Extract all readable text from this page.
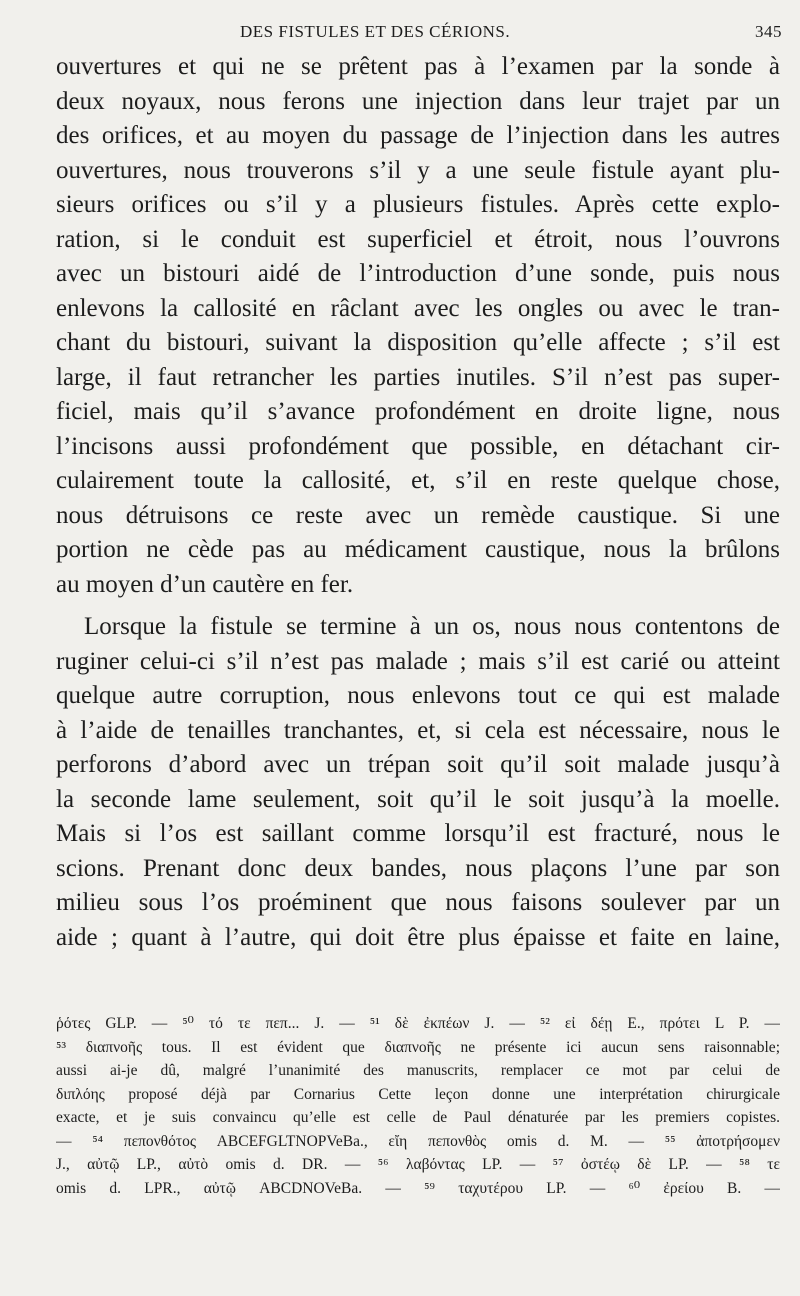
DES FISTULES ET DES CÉRIONS.	345
ouvertures et qui ne se prêtent pas à l’examen par la sonde à
deux noyaux, nous ferons une injection dans leur trajet par un
des orifices, et au moyen du passage de l’injection dans les autres
ouvertures, nous trouverons s’il y a une seule fistule ayant plu-
sieurs orifices ou s’il y a plusieurs fistules. Après cette explo-
ration, si le conduit est superficiel et étroit, nous l’ouvrons
avec un bistouri aidé de l’introduction d’une sonde, puis nous
enlevons la callosité en râclant avec les ongles ou avec le tran-
chant du bistouri, suivant la disposition qu’elle affecte ; s’il est
large, il faut retrancher les parties inutiles. S’il n’est pas super-
ficiel, mais qu’il s’avance profondément en droite ligne, nous
l’incisons aussi profondément que possible, en détachant cir-
culairement toute la callosité, et, s’il en reste quelque chose,
nous détruisons ce reste avec un remède caustique. Si une
portion ne cède pas au médicament caustique, nous la brûlons
au moyen d’un cautère en fer.
Lorsque la fistule se termine à un os, nous nous contentons de
ruginer celui-ci s’il n’est pas malade ; mais s’il est carié ou atteint
quelque autre corruption, nous enlevons tout ce qui est malade
à l’aide de tenailles tranchantes, et, si cela est nécessaire, nous le
perforons d’abord avec un trépan soit qu’il soit malade jusqu’à
la seconde lame seulement, soit qu’il le soit jusqu’à la moelle.
Mais si l’os est saillant comme lorsqu’il est fracturé, nous le
scions. Prenant donc deux bandes, nous plaçons l’une par son
milieu sous l’os proéminent que nous faisons soulever par un
aide ; quant à l’autre, qui doit être plus épaisse et faite en laine,
ῥότες GLP. — ⁵⁰ τό τε πεπ... J. — ⁵¹ δὲ ἐκπέων J. — ⁵² εἰ δέῃ E., πρότει L P. —
⁵³ διαπνοῆς tous. Il est évident que διαπνοῆς ne présente ici aucun sens raisonnable;
aussi ai-je dû, malgré l’unanimité des manuscrits, remplacer ce mot par celui de
διπλόης proposé déjà par Cornarius Cette leçon donne une interprétation chirurgicale
exacte, et je suis convaincu qu’elle est celle de Paul dénaturée par les premiers copistes.
— ⁵⁴ πεπονθότος ABCEFGLTNOPVeBa., εἴη πεπονθὸς omis d. M. — ⁵⁵ ἀποτρήσομεν
J., αὐτῷ LP., αὐτὸ omis d. DR. — ⁵⁶ λαβόντας LP. — ⁵⁷ ὀστέῳ δὲ LP. — ⁵⁸ τε
omis d. LPR., αὐτῷ ABCDNOVeBa. — ⁵⁹ ταχυτέρου LP. — ⁶⁰ ἐρείου B. —
